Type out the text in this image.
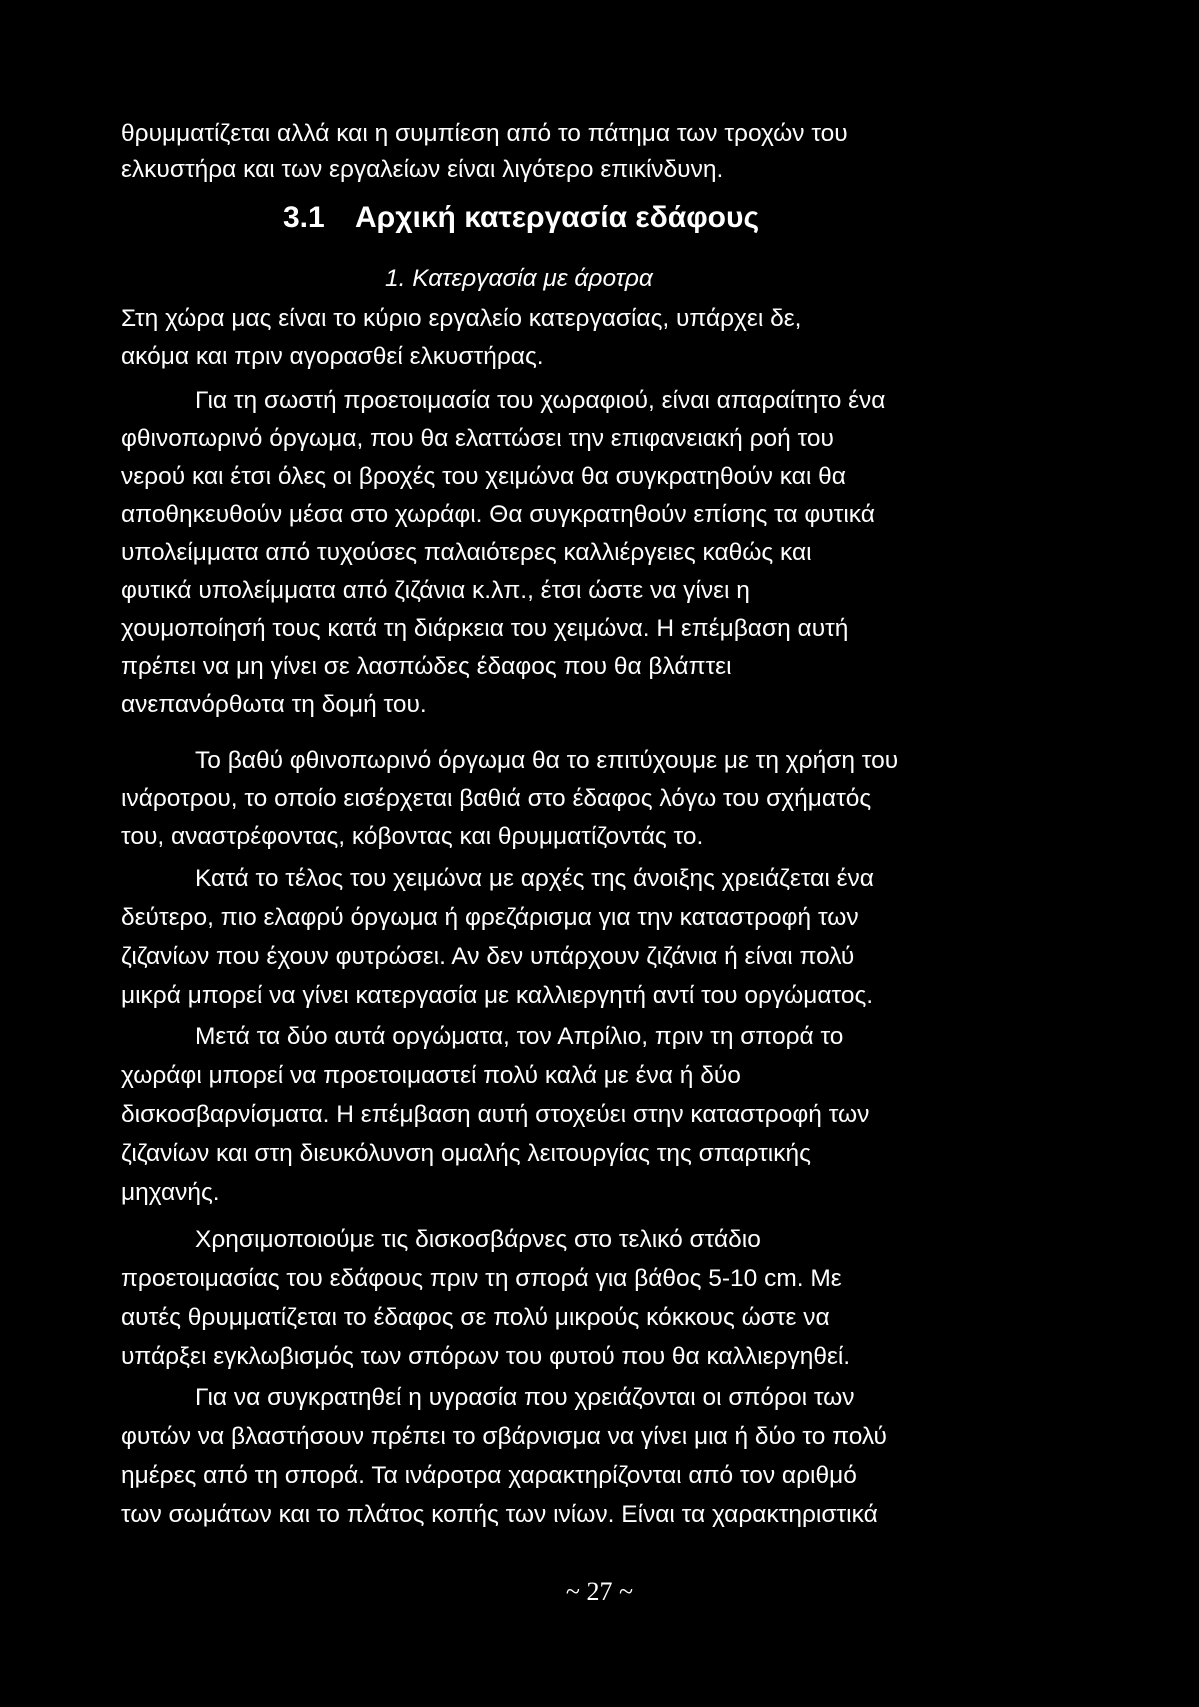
θρυμματίζεται αλλά και η συμπίεση από το πάτημα των τροχών του
ελκυστήρα και των εργαλείων είναι λιγότερο επικίνδυνη.
3.1 Αρχική κατεργασία εδάφους
1. Κατεργασία με άροτρα
Στη χώρα μας είναι το κύριο εργαλείο κατεργασίας, υπάρχει δε,
ακόμα και πριν αγορασθεί ελκυστήρας.
Για τη σωστή προετοιμασία του χωραφιού, είναι απαραίτητο ένα
φθινοπωρινό όργωμα, που θα ελαττώσει την επιφανειακή ροή του
νερού και έτσι όλες οι βροχές του χειμώνα θα συγκρατηθούν και θα
αποθηκευθούν μέσα στο χωράφι. Θα συγκρατηθούν επίσης τα φυτικά
υπολείμματα από τυχούσες παλαιότερες καλλιέργειες καθώς και
φυτικά υπολείμματα από ζιζάνια κ.λπ., έτσι ώστε να γίνει η
χουμοποίησή τους κατά τη διάρκεια του χειμώνα. Η επέμβαση αυτή
πρέπει να μη γίνει σε λασπώδες έδαφος που θα βλάπτει
ανεπανόρθωτα τη δομή του.
Το βαθύ φθινοπωρινό όργωμα θα το επιτύχουμε με τη χρήση του
ινάροτρου, το οποίο εισέρχεται βαθιά στο έδαφος λόγω του σχήματός
του, αναστρέφοντας, κόβοντας και θρυμματίζοντάς το.
Κατά το τέλος του χειμώνα με αρχές της άνοιξης χρειάζεται ένα
δεύτερο, πιο ελαφρύ όργωμα ή φρεζάρισμα για την καταστροφή των
ζιζανίων που έχουν φυτρώσει. Αν δεν υπάρχουν ζιζάνια ή είναι πολύ
μικρά μπορεί να γίνει κατεργασία με καλλιεργητή αντί του οργώματος.
Μετά τα δύο αυτά οργώματα, τον Απρίλιο, πριν τη σπορά το
χωράφι μπορεί να προετοιμαστεί πολύ καλά με ένα ή δύο
δισκοσβαρνίσματα. Η επέμβαση αυτή στοχεύει στην καταστροφή των
ζιζανίων και στη διευκόλυνση ομαλής λειτουργίας της σπαρτικής
μηχανής.
Χρησιμοποιούμε τις δισκοσβάρνες στο τελικό στάδιο
προετοιμασίας του εδάφους πριν τη σπορά για βάθος 5-10 cm. Με
αυτές θρυμματίζεται το έδαφος σε πολύ μικρούς κόκκους ώστε να
υπάρξει εγκλωβισμός των σπόρων του φυτού που θα καλλιεργηθεί.
Για να συγκρατηθεί η υγρασία που χρειάζονται οι σπόροι των
φυτών να βλαστήσουν πρέπει το σβάρνισμα να γίνει μια ή δύο το πολύ
ημέρες από τη σπορά. Τα ινάροτρα χαρακτηρίζονται από τον αριθμό
των σωμάτων και το πλάτος κοπής των ινίων. Είναι τα χαρακτηριστικά
~ 27 ~
